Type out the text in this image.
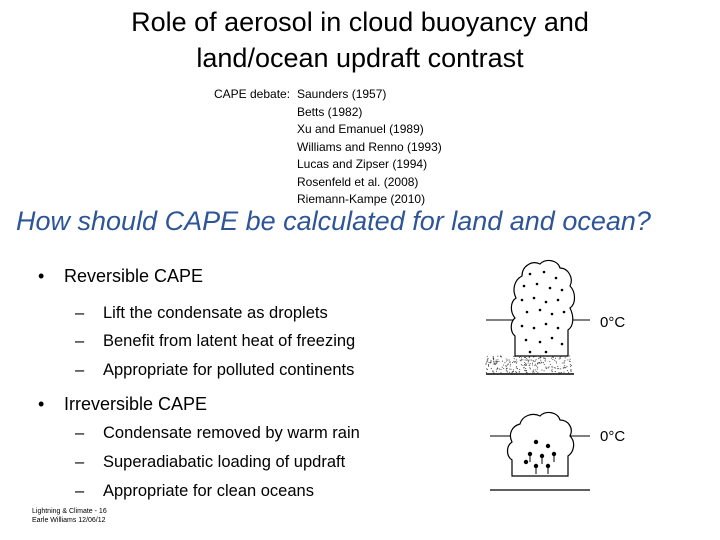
Role of aerosol in cloud buoyancy and
land/ocean updraft contrast
CAPE debate: Saunders (1957)
Betts (1982)
Xu and Emanuel (1989)
Williams and Renno (1993)
Lucas and Zipser (1994)
Rosenfeld et al. (2008)
Riemann-Kampe (2010)
How should CAPE be calculated for land and ocean?
• Reversible CAPE
– Lift the condensate as droplets
– Benefit from latent heat of freezing
– Appropriate for polluted continents
• Irreversible CAPE
– Condensate removed by warm rain
– Superadiabatic loading of updraft
– Appropriate for clean oceans
0°C
0°C
Lightning & Climate - 16
Earle Williams 12/06/12
